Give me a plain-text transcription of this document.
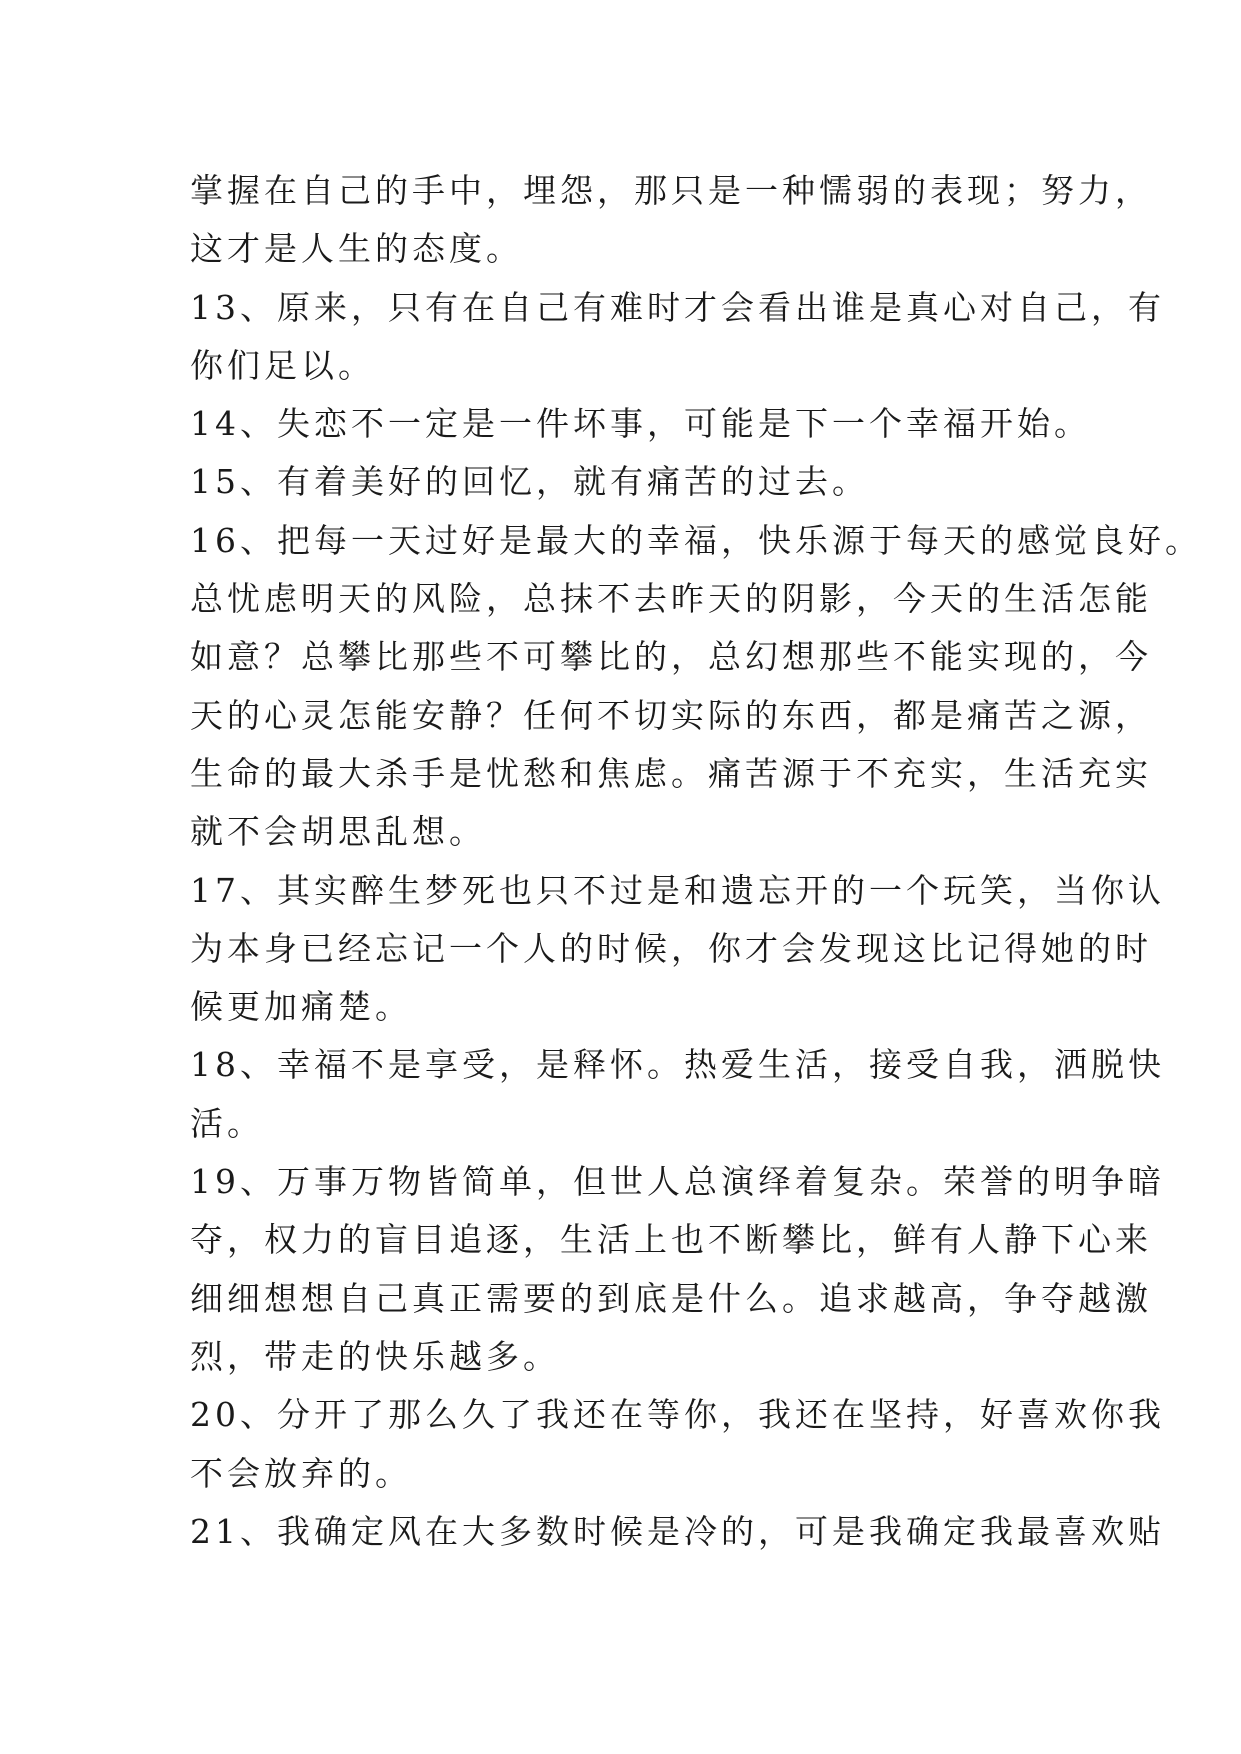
掌握在自己的手中，埋怨，那只是一种懦弱的表现；努力，
这才是人生的态度。
13、原来，只有在自己有难时才会看出谁是真心对自己，有
你们足以。
14、失恋不一定是一件坏事，可能是下一个幸福开始。
15、有着美好的回忆，就有痛苦的过去。
16、把每一天过好是最大的幸福，快乐源于每天的感觉良好。
总忧虑明天的风险，总抹不去昨天的阴影，今天的生活怎能
如意？总攀比那些不可攀比的，总幻想那些不能实现的，今
天的心灵怎能安静？任何不切实际的东西，都是痛苦之源，
生命的最大杀手是忧愁和焦虑。痛苦源于不充实，生活充实
就不会胡思乱想。
17、其实醉生梦死也只不过是和遗忘开的一个玩笑，当你认
为本身已经忘记一个人的时候，你才会发现这比记得她的时
候更加痛楚。
18、幸福不是享受，是释怀。热爱生活，接受自我，洒脱快
活。
19、万事万物皆简单，但世人总演绎着复杂。荣誉的明争暗
夺，权力的盲目追逐，生活上也不断攀比，鲜有人静下心来
细细想想自己真正需要的到底是什么。追求越高，争夺越激
烈，带走的快乐越多。
20、分开了那么久了我还在等你，我还在坚持，好喜欢你我
不会放弃的。
21、我确定风在大多数时候是冷的，可是我确定我最喜欢贴
